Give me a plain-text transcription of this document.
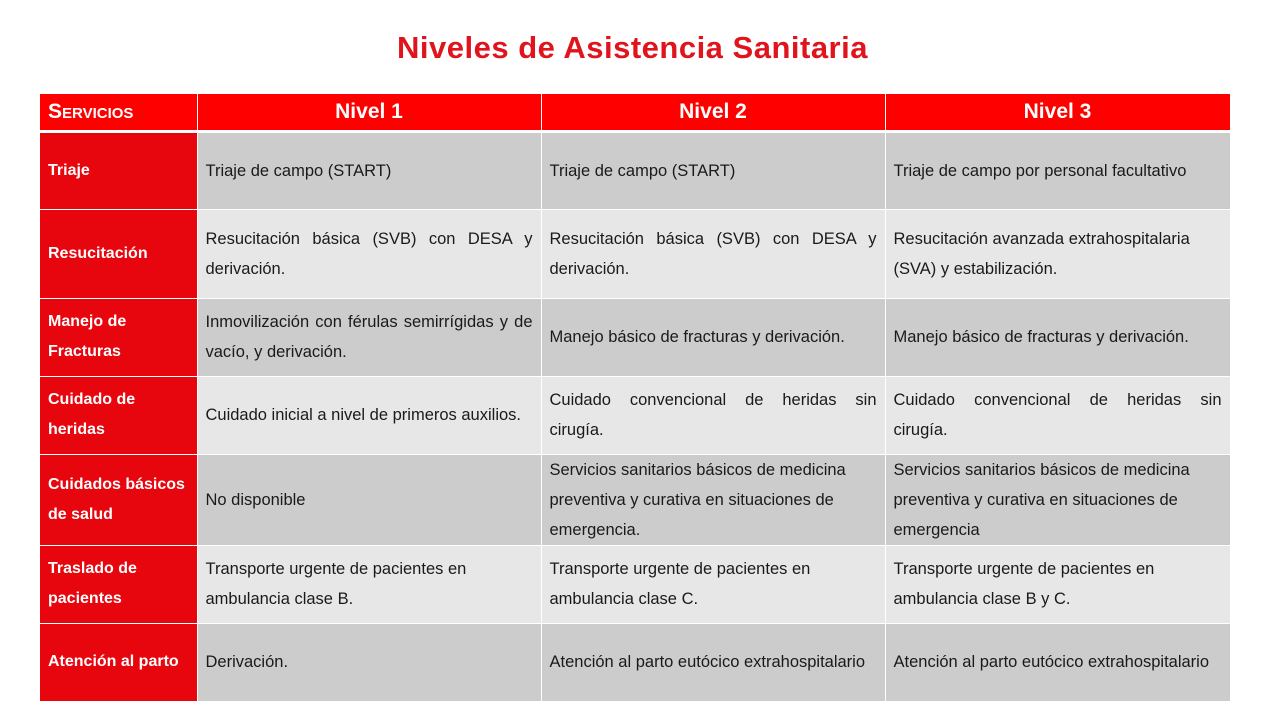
Niveles de Asistencia Sanitaria
Servicios	Nivel 1	Nivel 2	Nivel 3
Triaje	Triaje de campo (START)	Triaje de campo (START)	Triaje de campo por personal facultativo
Resucitación	Resucitación básica (SVB) con DESA y derivación.	Resucitación básica (SVB) con DESA y derivación.	Resucitación avanzada extrahospitalaria (SVA) y estabilización.
Manejo de Fracturas	Inmovilización con férulas semirrígidas y de vacío, y derivación.	Manejo básico de fracturas y derivación.	Manejo básico de fracturas y derivación.
Cuidado de heridas	Cuidado inicial a nivel de primeros auxilios.	Cuidado convencional de heridas sin cirugía.	Cuidado convencional de heridas sin cirugía.
Cuidados básicos de salud	No disponible	Servicios sanitarios básicos de medicina preventiva y curativa en situaciones de emergencia.	Servicios sanitarios básicos de medicina preventiva y curativa en situaciones de emergencia
Traslado de pacientes	Transporte urgente de pacientes en ambulancia clase B.	Transporte urgente de pacientes en ambulancia clase C.	Transporte urgente de pacientes en ambulancia clase B y C.
Atención al parto	Derivación.	Atención al parto eutócico extrahospitalario	Atención al parto eutócico extrahospitalario
